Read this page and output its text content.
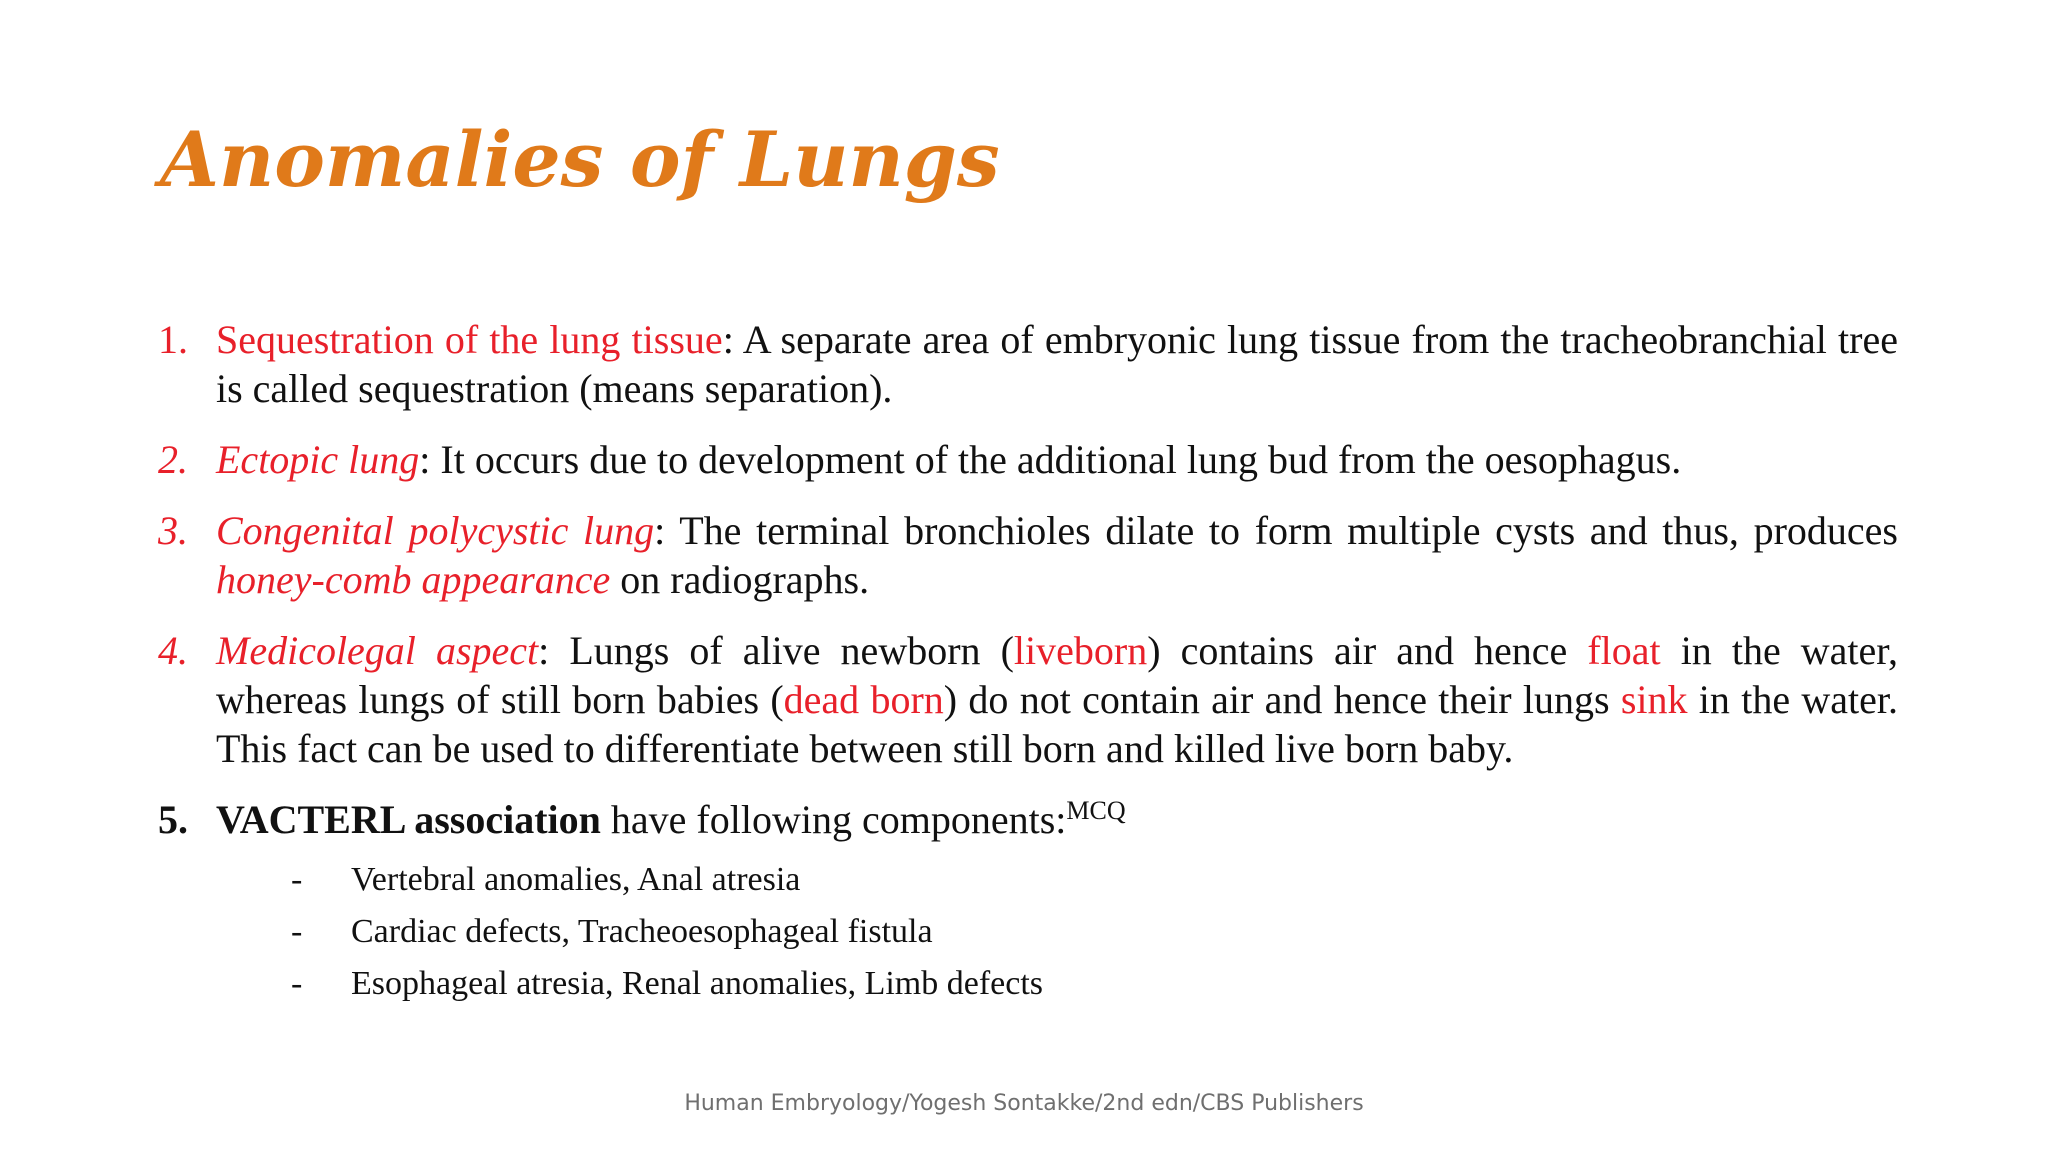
Anomalies of Lungs
1. Sequestration of the lung tissue: A separate area of embryonic lung tissue from the tracheobranchial tree is called sequestration (means separation).
2. Ectopic lung: It occurs due to development of the additional lung bud from the oesophagus.
3. Congenital polycystic lung: The terminal bronchioles dilate to form multiple cysts and thus, produces honey-comb appearance on radiographs.
4. Medicolegal aspect: Lungs of alive newborn (liveborn) contains air and hence float in the water, whereas lungs of still born babies (dead born) do not contain air and hence their lungs sink in the water. This fact can be used to differentiate between still born and killed live born baby.
5. VACTERL association have following components:$^{MCQ}$
- Vertebral anomalies, Anal atresia
- Cardiac defects, Tracheoesophageal fistula
- Esophageal atresia, Renal anomalies, Limb defects
Human Embryology/Yogesh Sontakke/2nd edn/CBS Publishers
